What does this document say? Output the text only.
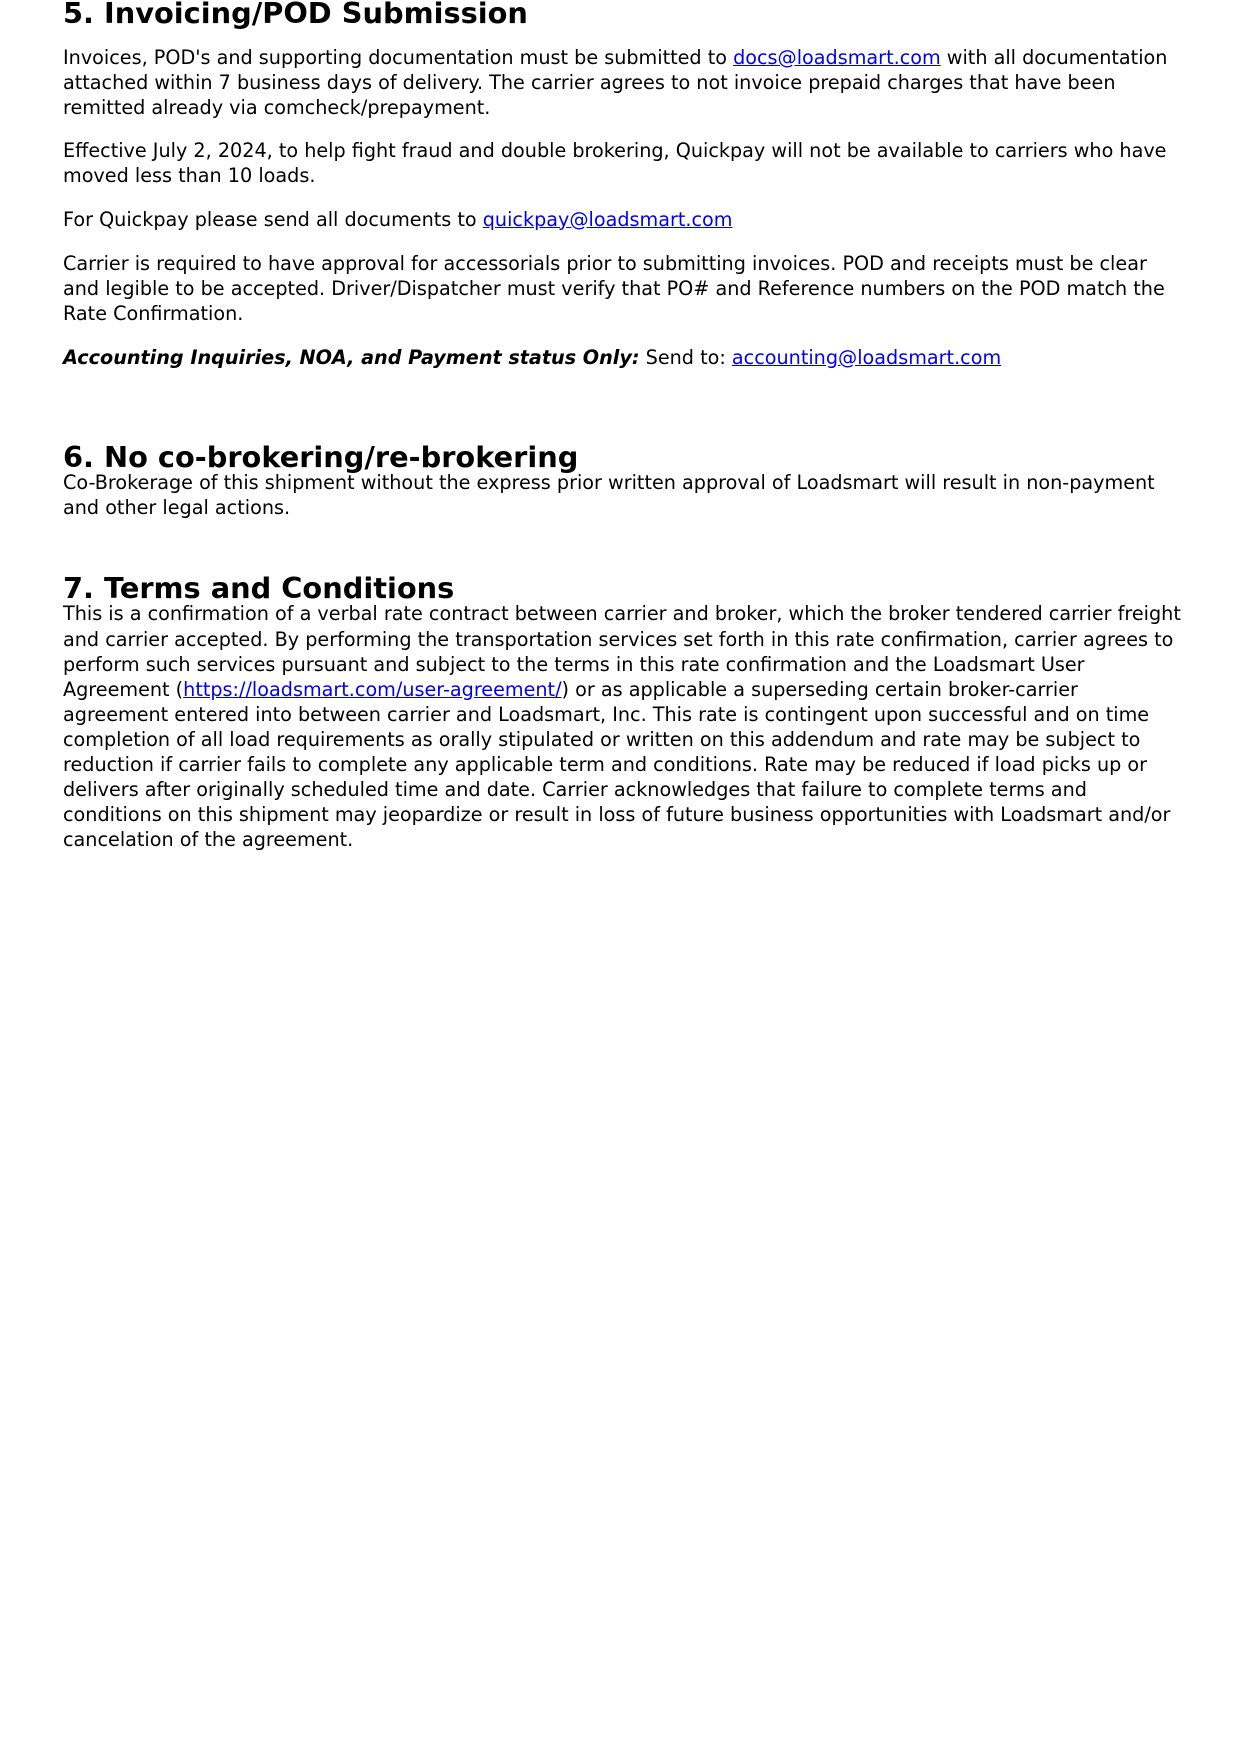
5. Invoicing/POD Submission

Invoices, POD's and supporting documentation must be submitted to docs@loadsmart.com with all documentation attached within 7 business days of delivery. The carrier agrees to not invoice prepaid charges that have been remitted already via comcheck/prepayment.

Effective July 2, 2024, to help fight fraud and double brokering, Quickpay will not be available to carriers who have moved less than 10 loads.

For Quickpay please send all documents to quickpay@loadsmart.com

Carrier is required to have approval for accessorials prior to submitting invoices. POD and receipts must be clear and legible to be accepted. Driver/Dispatcher must verify that PO# and Reference numbers on the POD match the Rate Confirmation.

Accounting Inquiries, NOA, and Payment status Only: Send to: accounting@loadsmart.com

6. No co-brokering/re-brokering

Co-Brokerage of this shipment without the express prior written approval of Loadsmart will result in non-payment and other legal actions.

7. Terms and Conditions

This is a confirmation of a verbal rate contract between carrier and broker, which the broker tendered carrier freight and carrier accepted. By performing the transportation services set forth in this rate confirmation, carrier agrees to perform such services pursuant and subject to the terms in this rate confirmation and the Loadsmart User Agreement (https://loadsmart.com/user-agreement/) or as applicable a superseding certain broker-carrier agreement entered into between carrier and Loadsmart, Inc. This rate is contingent upon successful and on time completion of all load requirements as orally stipulated or written on this addendum and rate may be subject to reduction if carrier fails to complete any applicable term and conditions. Rate may be reduced if load picks up or delivers after originally scheduled time and date. Carrier acknowledges that failure to complete terms and conditions on this shipment may jeopardize or result in loss of future business opportunities with Loadsmart and/or cancelation of the agreement.
